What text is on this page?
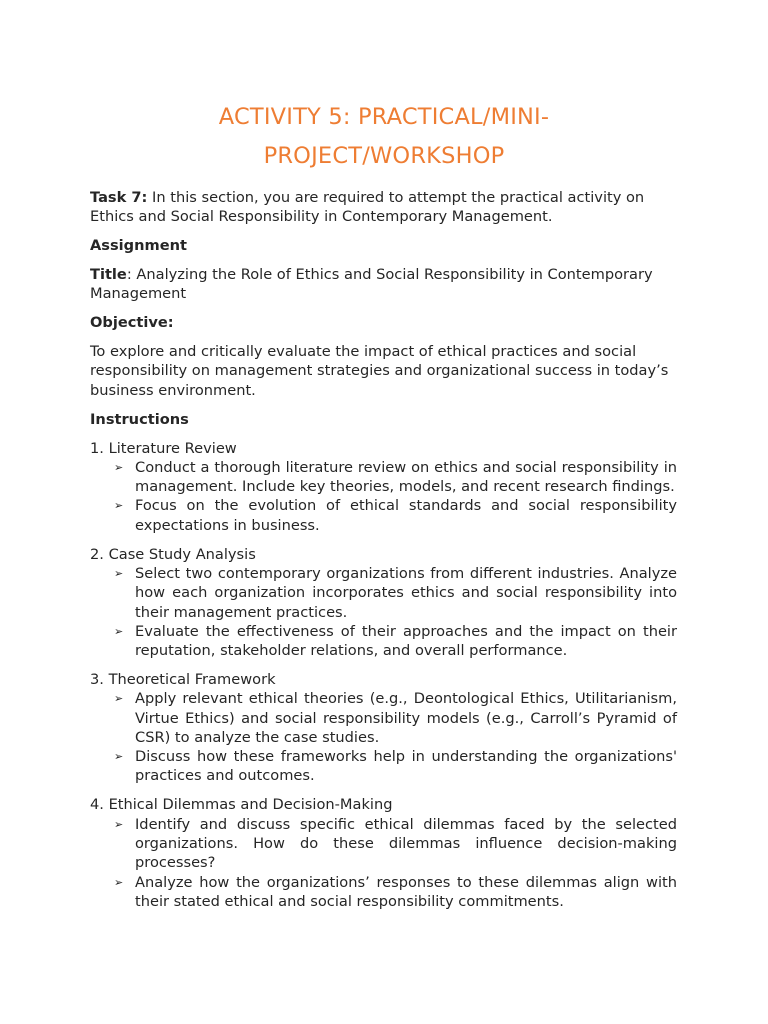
ACTIVITY 5: PRACTICAL/MINI-
PROJECT/WORKSHOP

Task 7: In this section, you are required to attempt the practical activity on Ethics and Social Responsibility in Contemporary Management.

Assignment

Title: Analyzing the Role of Ethics and Social Responsibility in Contemporary Management

Objective:

To explore and critically evaluate the impact of ethical practices and social responsibility on management strategies and organizational success in today’s business environment.

Instructions

1. Literature Review

➢ Conduct a thorough literature review on ethics and social responsibility in management. Include key theories, models, and recent research findings.
➢ Focus on the evolution of ethical standards and social responsibility expectations in business.

2. Case Study Analysis

➢ Select two contemporary organizations from different industries. Analyze how each organization incorporates ethics and social responsibility into their management practices.
➢ Evaluate the effectiveness of their approaches and the impact on their reputation, stakeholder relations, and overall performance.

3. Theoretical Framework

➢ Apply relevant ethical theories (e.g., Deontological Ethics, Utilitarianism, Virtue Ethics) and social responsibility models (e.g., Carroll’s Pyramid of CSR) to analyze the case studies.
➢ Discuss how these frameworks help in understanding the organizations' practices and outcomes.

4. Ethical Dilemmas and Decision-Making

➢ Identify and discuss specific ethical dilemmas faced by the selected organizations. How do these dilemmas influence decision-making processes?
➢ Analyze how the organizations’ responses to these dilemmas align with their stated ethical and social responsibility commitments.
